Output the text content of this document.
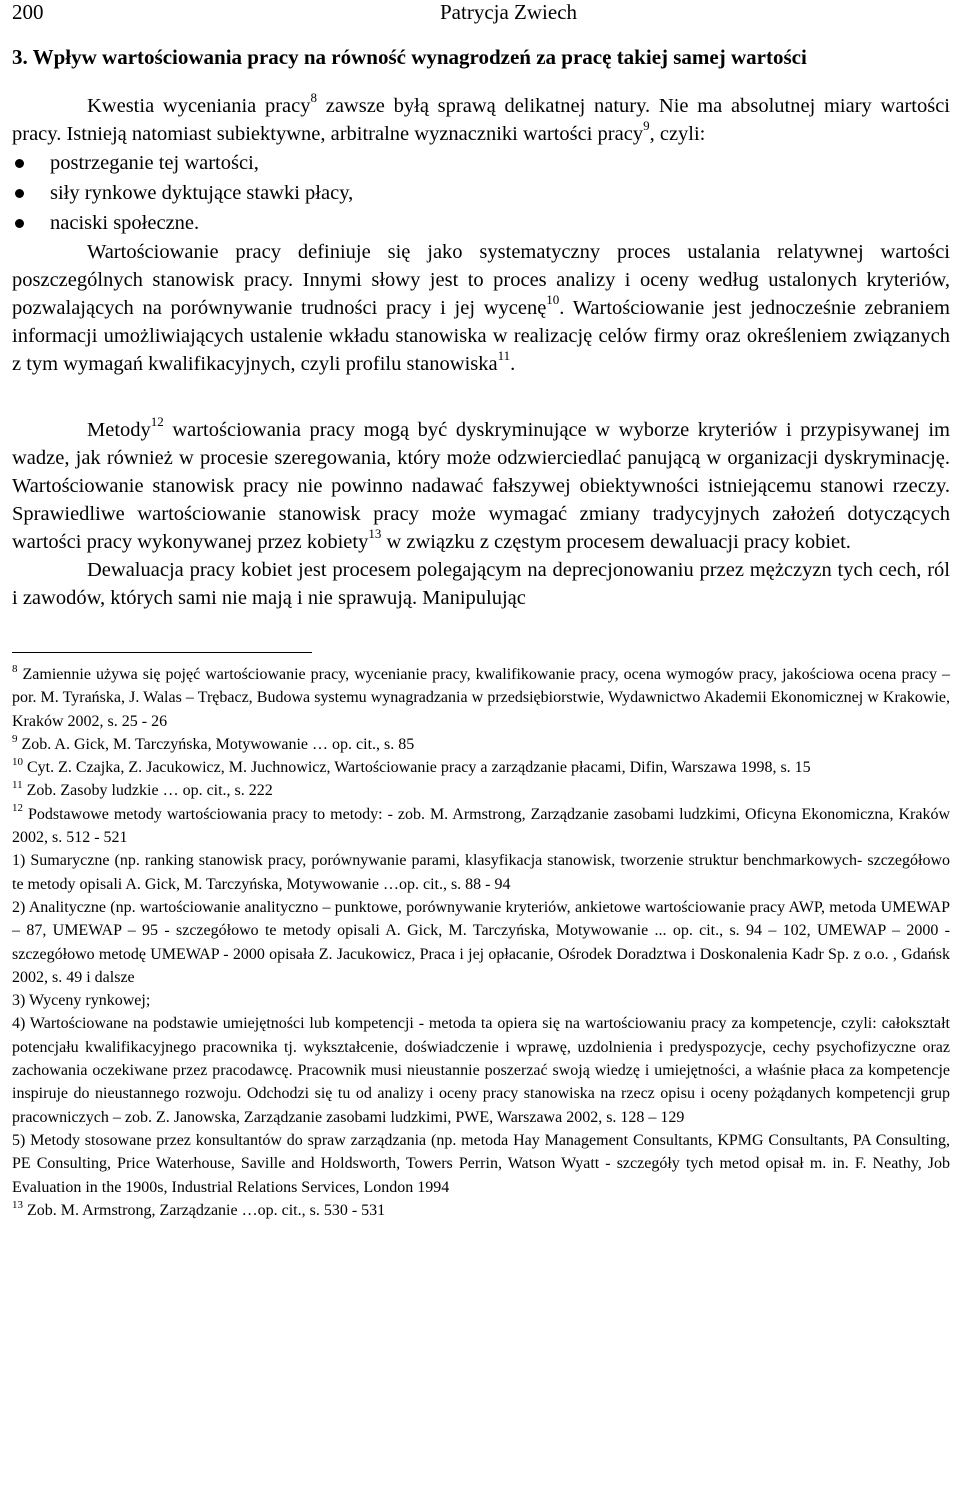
200	Patrycja Zwiech
3. Wpływ wartościowania pracy na równość wynagrodzeń za pracę takiej samej wartości

Kwestia wyceniania pracy$^8$ zawsze byłą sprawą delikatnej natury. Nie ma absolutnej miary wartości pracy. Istnieją natomiast subiektywne, arbitralne wyznaczniki wartości pracy$^9$, czyli:

postrzeganie tej wartości,
siły rynkowe dyktujące stawki płacy,
naciski społeczne.

Wartościowanie pracy definiuje się jako systematyczny proces ustalania relatywnej wartości poszczególnych stanowisk pracy. Innymi słowy jest to proces analizy i oceny według ustalonych kryteriów, pozwalających na porównywanie trudności pracy i jej wycenę$^{10}$. Wartościowanie jest jednocześnie zebraniem informacji umożliwiających ustalenie wkładu stanowiska w realizację celów firmy oraz określeniem związanych z tym wymagań kwalifikacyjnych, czyli profilu stanowiska$^{11}$.

Metody$^{12}$ wartościowania pracy mogą być dyskryminujące w wyborze kryteriów i przypisywanej im wadze, jak również w procesie szeregowania, który może odzwierciedlać panującą w organizacji dyskryminację. Wartościowanie stanowisk pracy nie powinno nadawać fałszywej obiektywności istniejącemu stanowi rzeczy. Sprawiedliwe wartościowanie stanowisk pracy może wymagać zmiany tradycyjnych założeń dotyczących wartości pracy wykonywanej przez kobiety$^{13}$ w związku z częstym procesem dewaluacji pracy kobiet.

Dewaluacja pracy kobiet jest procesem polegającym na deprecjonowaniu przez mężczyzn tych cech, ról i zawodów, których sami nie mają i nie sprawują. Manipulując

$^8$ Zamiennie używa się pojęć wartościowanie pracy, wycenianie pracy, kwalifikowanie pracy, ocena wymogów pracy, jakościowa ocena pracy – por. M. Tyrańska, J. Walas – Trębacz, Budowa systemu wynagradzania w przedsiębiorstwie, Wydawnictwo Akademii Ekonomicznej w Krakowie, Kraków 2002, s. 25 - 26

$^9$ Zob. A. Gick, M. Tarczyńska, Motywowanie … op. cit., s. 85

$^{10}$ Cyt. Z. Czajka, Z. Jacukowicz, M. Juchnowicz, Wartościowanie pracy a zarządzanie płacami, Difin, Warszawa 1998, s. 15

$^{11}$ Zob. Zasoby ludzkie … op. cit., s. 222

$^{12}$ Podstawowe metody wartościowania pracy to metody: - zob. M. Armstrong, Zarządzanie zasobami ludzkimi, Oficyna Ekonomiczna, Kraków 2002, s. 512 - 521

1) Sumaryczne (np. ranking stanowisk pracy, porównywanie parami, klasyfikacja stanowisk, tworzenie struktur benchmarkowych- szczegółowo te metody opisali A. Gick, M. Tarczyńska, Motywowanie …op. cit., s. 88 - 94

2) Analityczne (np. wartościowanie analityczno – punktowe, porównywanie kryteriów, ankietowe wartościowanie pracy AWP, metoda UMEWAP – 87, UMEWAP – 95 - szczegółowo te metody opisali A. Gick, M. Tarczyńska, Motywowanie ... op. cit., s. 94 – 102, UMEWAP – 2000 - szczegółowo metodę UMEWAP - 2000 opisała Z. Jacukowicz, Praca i jej opłacanie, Ośrodek Doradztwa i Doskonalenia Kadr Sp. z o.o. , Gdańsk 2002, s. 49 i dalsze

3) Wyceny rynkowej;

4) Wartościowane na podstawie umiejętności lub kompetencji - metoda ta opiera się na wartościowaniu pracy za kompetencje, czyli: całokształt potencjału kwalifikacyjnego pracownika tj. wykształcenie, doświadczenie i wprawę, uzdolnienia i predyspozycje, cechy psychofizyczne oraz zachowania oczekiwane przez pracodawcę. Pracownik musi nieustannie poszerzać swoją wiedzę i umiejętności, a właśnie płaca za kompetencje inspiruje do nieustannego rozwoju. Odchodzi się tu od analizy i oceny pracy stanowiska na rzecz opisu i oceny pożądanych kompetencji grup pracowniczych – zob. Z. Janowska, Zarządzanie zasobami ludzkimi, PWE, Warszawa 2002, s. 128 – 129

5) Metody stosowane przez konsultantów do spraw zarządzania (np. metoda Hay Management Consultants, KPMG Consultants, PA Consulting, PE Consulting, Price Waterhouse, Saville and Holdsworth, Towers Perrin, Watson Wyatt - szczegóły tych metod opisał m. in. F. Neathy, Job Evaluation in the 1900s, Industrial Relations Services, London 1994

$^{13}$ Zob. M. Armstrong, Zarządzanie …op. cit., s. 530 - 531
